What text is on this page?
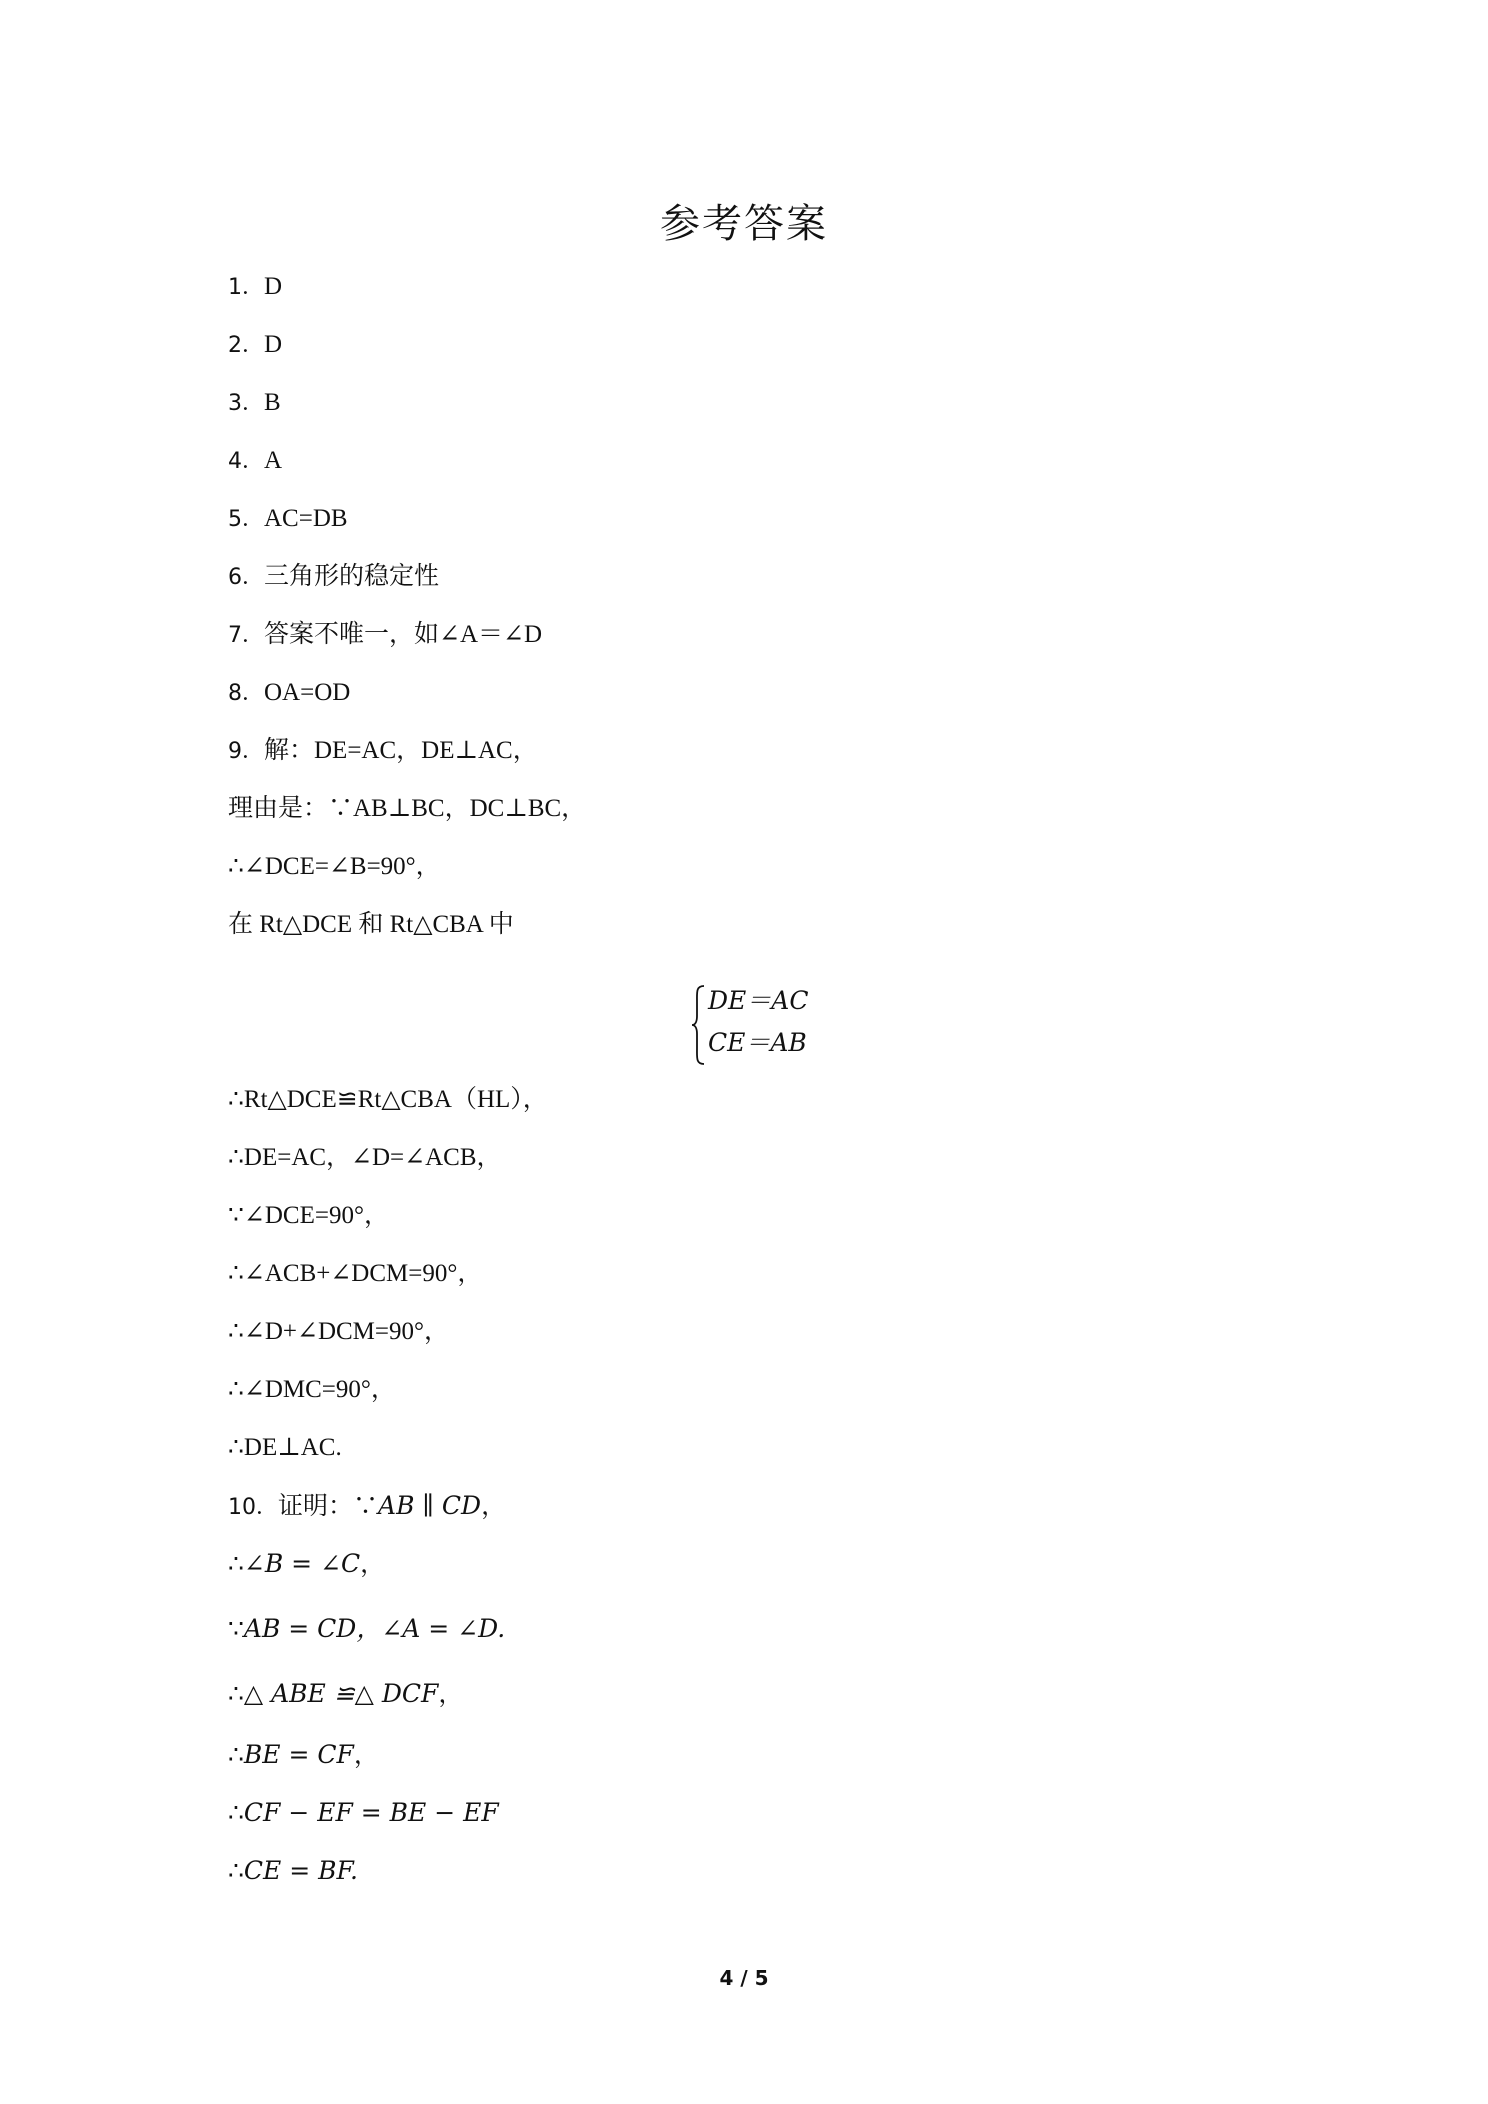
参考答案
1．D
2．D
3．B
4．A
5．AC=DB
6．三角形的稳定性
7．答案不唯一，如∠A＝∠D
8．OA=OD
9．解：DE=AC，DE⊥AC，
理由是：∵AB⊥BC，DC⊥BC，
∴∠DCE=∠B=90°，
在 Rt△DCE 和 Rt△CBA 中
DE＝AC
CE＝AB
∴Rt△DCE≌Rt△CBA（HL），
∴DE=AC，∠D=∠ACB，
∵∠DCE=90°，
∴∠ACB+∠DCM=90°，
∴∠D+∠DCM=90°，
∴∠DMC=90°，
∴DE⊥AC.
10．证明：∵AB ∥ CD，
∴∠B = ∠C，
∵AB = CD，∠A = ∠D.
∴△ ABE ≌△ DCF，
∴BE = CF，
∴CF − EF = BE − EF
∴CE = BF.
4 / 5
